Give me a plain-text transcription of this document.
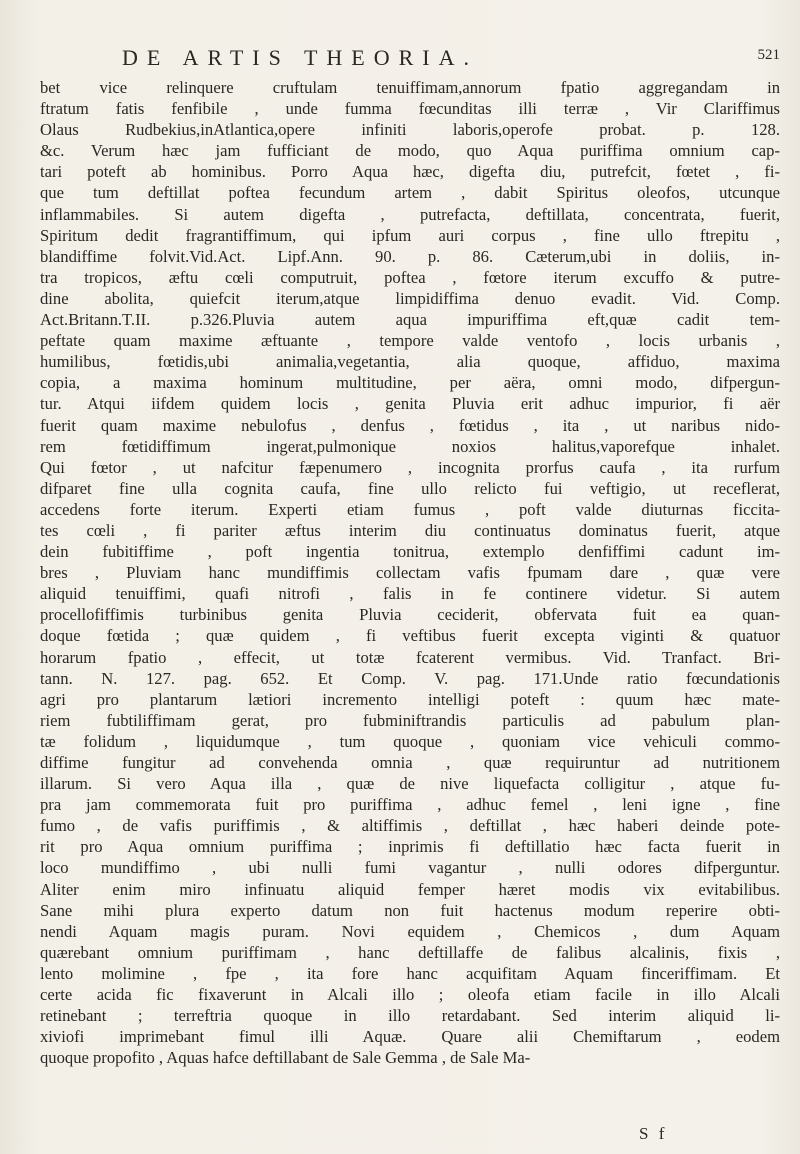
DE ARTIS THEORIA.	521
bet vice relinquere cruftulam tenuiffimam,annorum fpatio aggregandam in
ftratum fatis fenfibile , unde fumma fœcunditas illi terræ , Vir Clariffimus
Olaus Rudbekius,inAtlantica,opere infiniti laboris,operofe probat. p. 128.
&c. Verum hæc jam fufficiant de modo, quo Aqua puriffima omnium cap-
tari poteft ab hominibus. Porro Aqua hæc, digefta diu, putrefcit, fœtet , fi-
que tum deftillat poftea fecundum artem , dabit Spiritus oleofos, utcunque
inflammabiles. Si autem digefta , putrefacta, deftillata, concentrata, fuerit,
Spiritum dedit fragrantiffimum, qui ipfum auri corpus , fine ullo ftrepitu ,
blandiffime folvit.Vid.Act. Lipf.Ann. 90. p. 86. Cæterum,ubi in doliis, in-
tra tropicos, æftu cœli computruit, poftea , fœtore iterum excuffo & putre-
dine abolita, quiefcit iterum,atque limpidiffima denuo evadit. Vid. Comp.
Act.Britann.T.II. p.326.Pluvia autem aqua impuriffima eft,quæ cadit tem-
peftate quam maxime æftuante , tempore valde ventofo , locis urbanis ,
humilibus, fœtidis,ubi animalia,vegetantia, alia quoque, affiduo, maxima
copia, a maxima hominum multitudine, per aëra, omni modo, difpergun-
tur. Atqui iifdem quidem locis , genita Pluvia erit adhuc impurior, fi aër
fuerit quam maxime nebulofus , denfus , fœtidus , ita , ut naribus nido-
rem fœtidiffimum ingerat,pulmonique noxios halitus,vaporefque inhalet.
Qui fœtor , ut nafcitur fæpenumero , incognita prorfus caufa , ita rurfum
difparet fine ulla cognita caufa, fine ullo relicto fui veftigio, ut receflerat,
accedens forte iterum. Experti etiam fumus , poft valde diuturnas ficcita-
tes cœli , fi pariter æftus interim diu continuatus dominatus fuerit, atque
dein fubitiffime , poft ingentia tonitrua, extemplo denfiffimi cadunt im-
bres , Pluviam hanc mundiffimis collectam vafis fpumam dare , quæ vere
aliquid tenuiffimi, quafi nitrofi , falis in fe continere videtur. Si autem
procellofiffimis turbinibus genita Pluvia ceciderit, obfervata fuit ea quan-
doque fœtida ; quæ quidem , fi veftibus fuerit excepta viginti & quatuor
horarum fpatio , effecit, ut totæ fcaterent vermibus. Vid. Tranfact. Bri-
tann. N. 127. pag. 652. Et Comp. V. pag. 171.Unde ratio fœcundationis
agri pro plantarum lætiori incremento intelligi poteft : quum hæc mate-
riem fubtiliffimam gerat, pro fubminiftrandis particulis ad pabulum plan-
tæ folidum , liquidumque , tum quoque , quoniam vice vehiculi commo-
diffime fungitur ad convehenda omnia , quæ requiruntur ad nutritionem
illarum. Si vero Aqua illa , quæ de nive liquefacta colligitur , atque fu-
pra jam commemorata fuit pro puriffima , adhuc femel , leni igne , fine
fumo , de vafis puriffimis , & altiffimis , deftillat , hæc haberi deinde pote-
rit pro Aqua omnium puriffima ; inprimis fi deftillatio hæc facta fuerit in
loco mundiffimo , ubi nulli fumi vagantur , nulli odores difperguntur.
Aliter enim miro infinuatu aliquid femper hæret modis vix evitabilibus.
Sane mihi plura experto datum non fuit hactenus modum reperire obti-
nendi Aquam magis puram. Novi equidem , Chemicos , dum Aquam
quærebant omnium puriffimam , hanc deftillaffe de falibus alcalinis, fixis ,
lento molimine , fpe , ita fore hanc acquifitam Aquam finceriffimam. Et
certe acida fic fixaverunt in Alcali illo ; oleofa etiam facile in illo Alcali
retinebant ; terreftria quoque in illo retardabant. Sed interim aliquid li-
xiviofi imprimebant fimul illi Aquæ. Quare alii Chemiftarum , eodem
quoque propofito , Aquas hafce deftillabant de Sale Gemma , de Sale Ma-
S f
